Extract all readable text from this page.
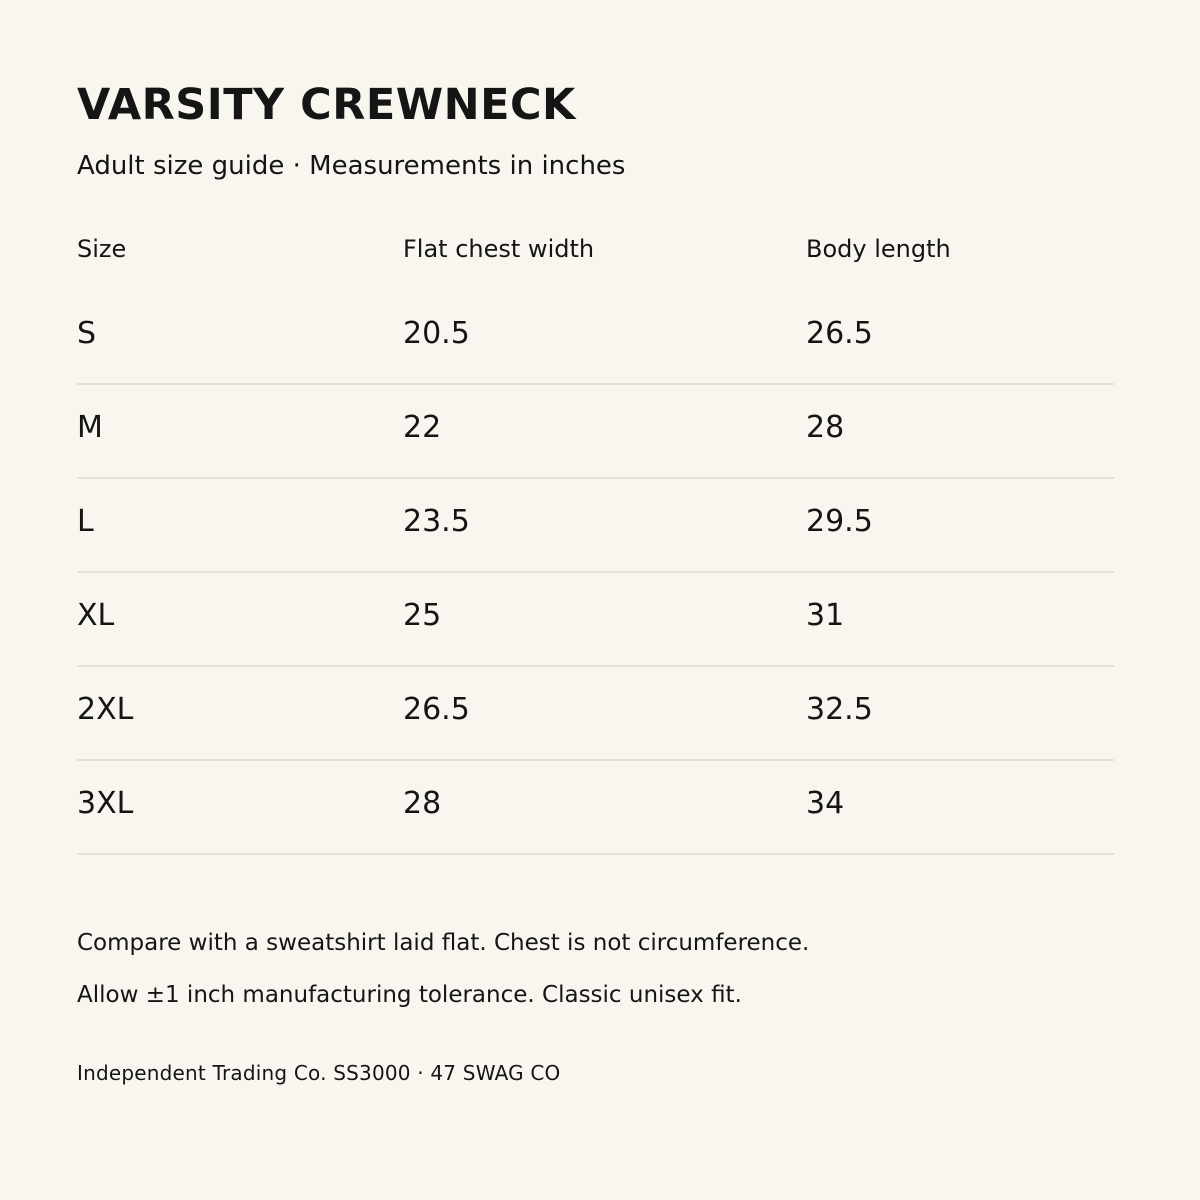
VARSITY CREWNECK
Adult size guide · Measurements in inches
Size	Flat chest width	Body length
S	20.5	26.5
M	22	28
L	23.5	29.5
XL	25	31
2XL	26.5	32.5
3XL	28	34
Compare with a sweatshirt laid flat. Chest is not circumference.
Allow ±1 inch manufacturing tolerance. Classic unisex fit.
Independent Trading Co. SS3000 · 47 SWAG CO
